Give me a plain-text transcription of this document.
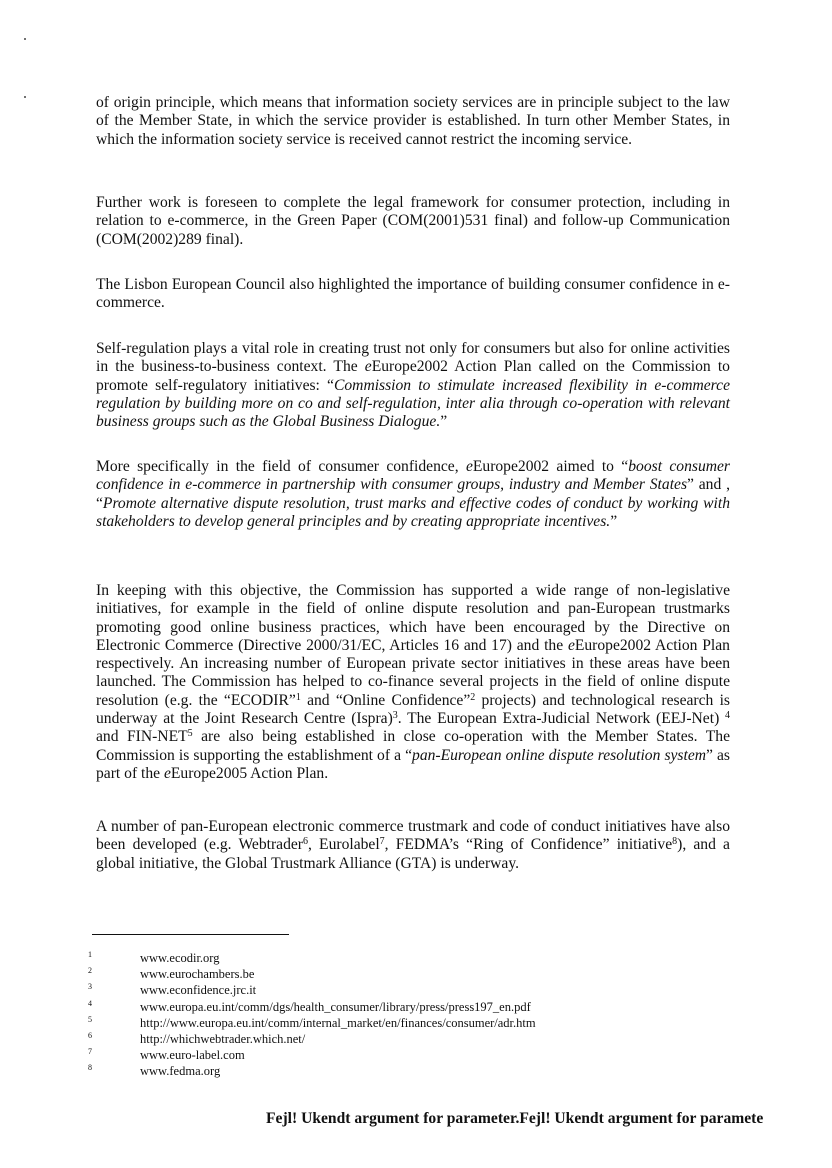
of origin principle, which means that information society services are in principle subject to the law of the Member State, in which the service provider is established. In turn other Member States, in which the information society service is received cannot restrict the incoming service.

Further work is foreseen to complete the legal framework for consumer protection, including in relation to e-commerce, in the Green Paper (COM(2001)531 final) and follow-up Communication (COM(2002)289 final).

The Lisbon European Council also highlighted the importance of building consumer confidence in e-commerce.

Self-regulation plays a vital role in creating trust not only for consumers but also for online activities in the business-to-business context. The eEurope2002 Action Plan called on the Commission to promote self-regulatory initiatives: “Commission to stimulate increased flexibility in e-commerce regulation by building more on co and self-regulation, inter alia through co-operation with relevant business groups such as the Global Business Dialogue.”

More specifically in the field of consumer confidence, eEurope2002 aimed to “boost consumer confidence in e-commerce in partnership with consumer groups, industry and Member States” and , “Promote alternative dispute resolution, trust marks and effective codes of conduct by working with stakeholders to develop general principles and by creating appropriate incentives.”

In keeping with this objective, the Commission has supported a wide range of non-legislative initiatives, for example in the field of online dispute resolution and pan-European trustmarks promoting good online business practices, which have been encouraged by the Directive on Electronic Commerce (Directive 2000/31/EC, Articles 16 and 17) and the eEurope2002 Action Plan respectively. An increasing number of European private sector initiatives in these areas have been launched. The Commission has helped to co-finance several projects in the field of online dispute resolution (e.g. the “ECODIR”$^1$ and “Online Confidence”$^2$ projects) and technological research is underway at the Joint Research Centre (Ispra)$^3$. The European Extra-Judicial Network (EEJ-Net) $^4$ and FIN-NET$^5$ are also being established in close co-operation with the Member States. The Commission is supporting the establishment of a “pan-European online dispute resolution system” as part of the eEurope2005 Action Plan.

A number of pan-European electronic commerce trustmark and code of conduct initiatives have also been developed (e.g. Webtrader$^6$, Eurolabel$^7$, FEDMA’s “Ring of Confidence” initiative$^8$), and a global initiative, the Global Trustmark Alliance (GTA) is underway.

1	www.ecodir.org
2	www.eurochambers.be
3	www.econfidence.jrc.it
4	www.europa.eu.int/comm/dgs/health_consumer/library/press/press197_en.pdf
5	http://www.europa.eu.int/comm/internal_market/en/finances/consumer/adr.htm
6	http://whichwebtrader.which.net/
7	www.euro-label.com
8	www.fedma.org
Fejl! Ukendt argument for parameter.Fejl! Ukendt argument for paramete
